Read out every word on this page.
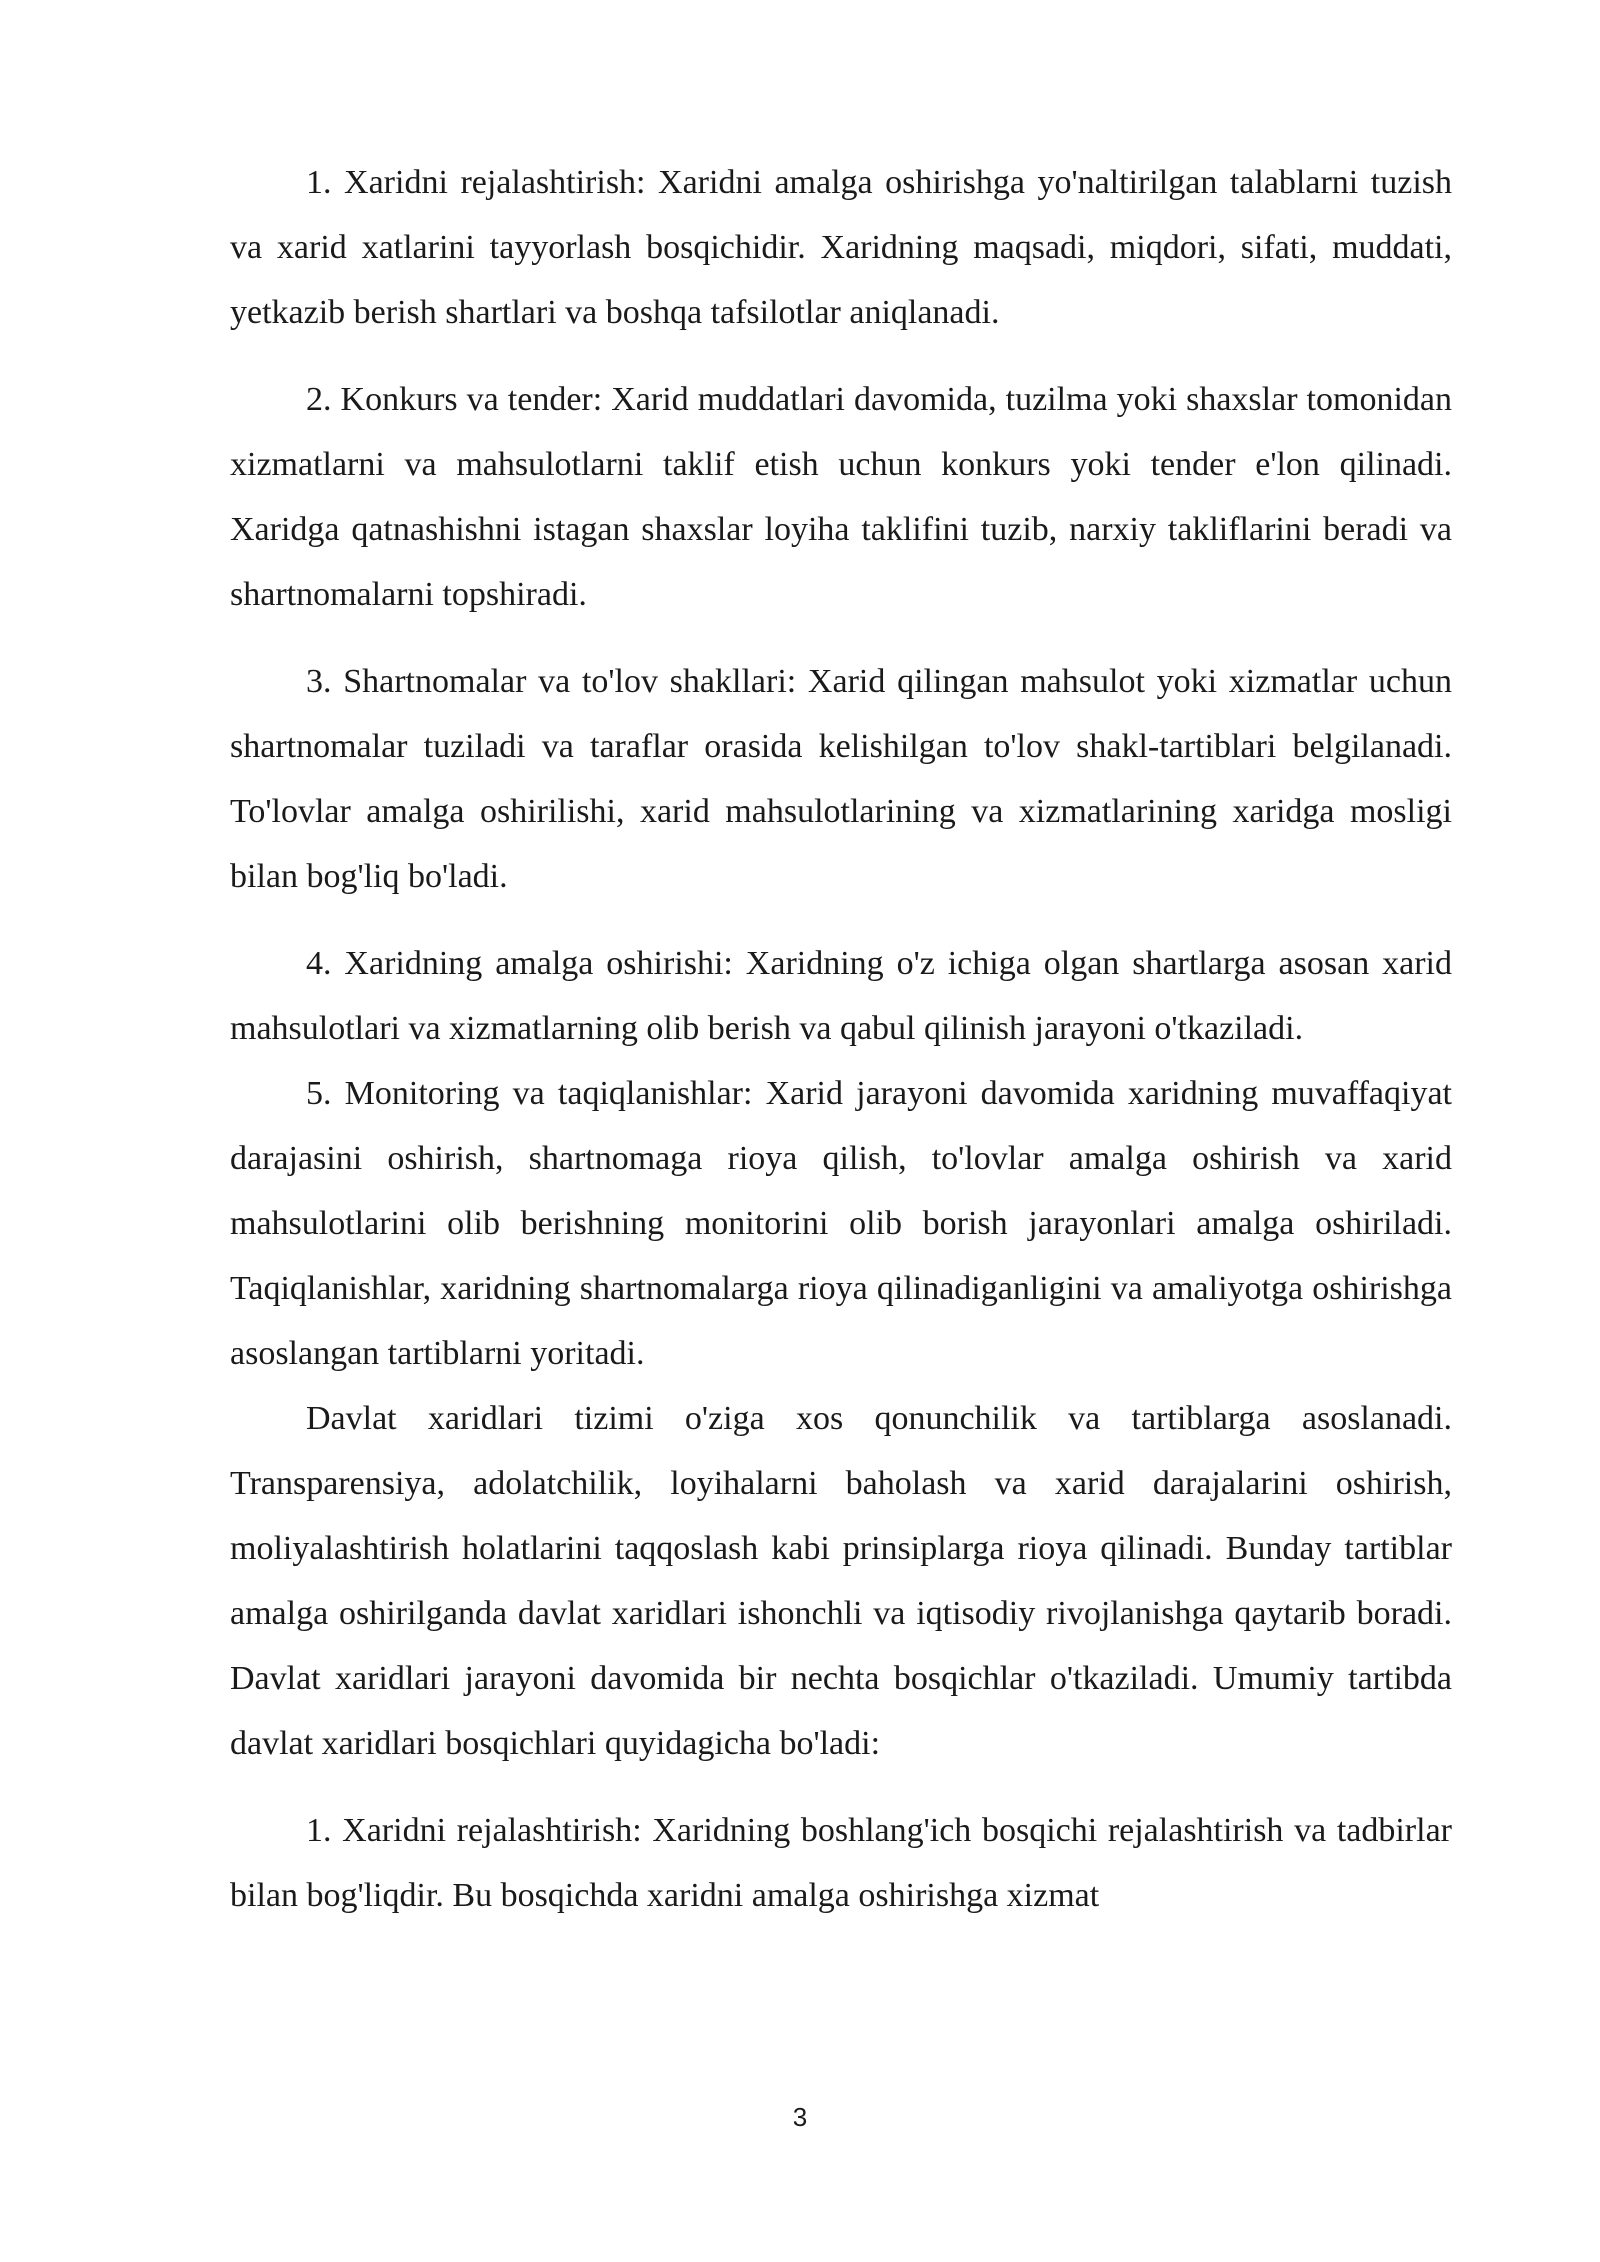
1. Xaridni rejalashtirish: Xaridni amalga oshirishga yo'naltirilgan talablarni tuzish va xarid xatlarini tayyorlash bosqichidir. Xaridning maqsadi, miqdori, sifati, muddati, yetkazib berish shartlari va boshqa tafsilotlar aniqlanadi.

2. Konkurs va tender: Xarid muddatlari davomida, tuzilma yoki shaxslar tomonidan xizmatlarni va mahsulotlarni taklif etish uchun konkurs yoki tender e'lon qilinadi. Xaridga qatnashishni istagan shaxslar loyiha taklifini tuzib, narxiy takliflarini beradi va shartnomalarni topshiradi.

3. Shartnomalar va to'lov shakllari: Xarid qilingan mahsulot yoki xizmatlar uchun shartnomalar tuziladi va taraflar orasida kelishilgan to'lov shakl-tartiblari belgilanadi. To'lovlar amalga oshirilishi, xarid mahsulotlarining va xizmatlarining xaridga mosligi bilan bog'liq bo'ladi.

4. Xaridning amalga oshirishi: Xaridning o'z ichiga olgan shartlarga asosan xarid mahsulotlari va xizmatlarning olib berish va qabul qilinish jarayoni o'tkaziladi.

5. Monitoring va taqiqlanishlar: Xarid jarayoni davomida xaridning muvaffaqiyat darajasini oshirish, shartnomaga rioya qilish, to'lovlar amalga oshirish va xarid mahsulotlarini olib berishning monitorini olib borish jarayonlari amalga oshiriladi. Taqiqlanishlar, xaridning shartnomalarga rioya qilinadiganligini va amaliyotga oshirishga asoslangan tartiblarni yoritadi.

Davlat xaridlari tizimi o'ziga xos qonunchilik va tartiblarga asoslanadi. Transparensiya, adolatchilik, loyihalarni baholash va xarid darajalarini oshirish, moliyalashtirish holatlarini taqqoslash kabi prinsiplarga rioya qilinadi. Bunday tartiblar amalga oshirilganda davlat xaridlari ishonchli va iqtisodiy rivojlanishga qaytarib boradi. Davlat xaridlari jarayoni davomida bir nechta bosqichlar o'tkaziladi. Umumiy tartibda davlat xaridlari bosqichlari quyidagicha bo'ladi:

1. Xaridni rejalashtirish: Xaridning boshlang'ich bosqichi rejalashtirish va tadbirlar bilan bog'liqdir. Bu bosqichda xaridni amalga oshirishga xizmat

3
